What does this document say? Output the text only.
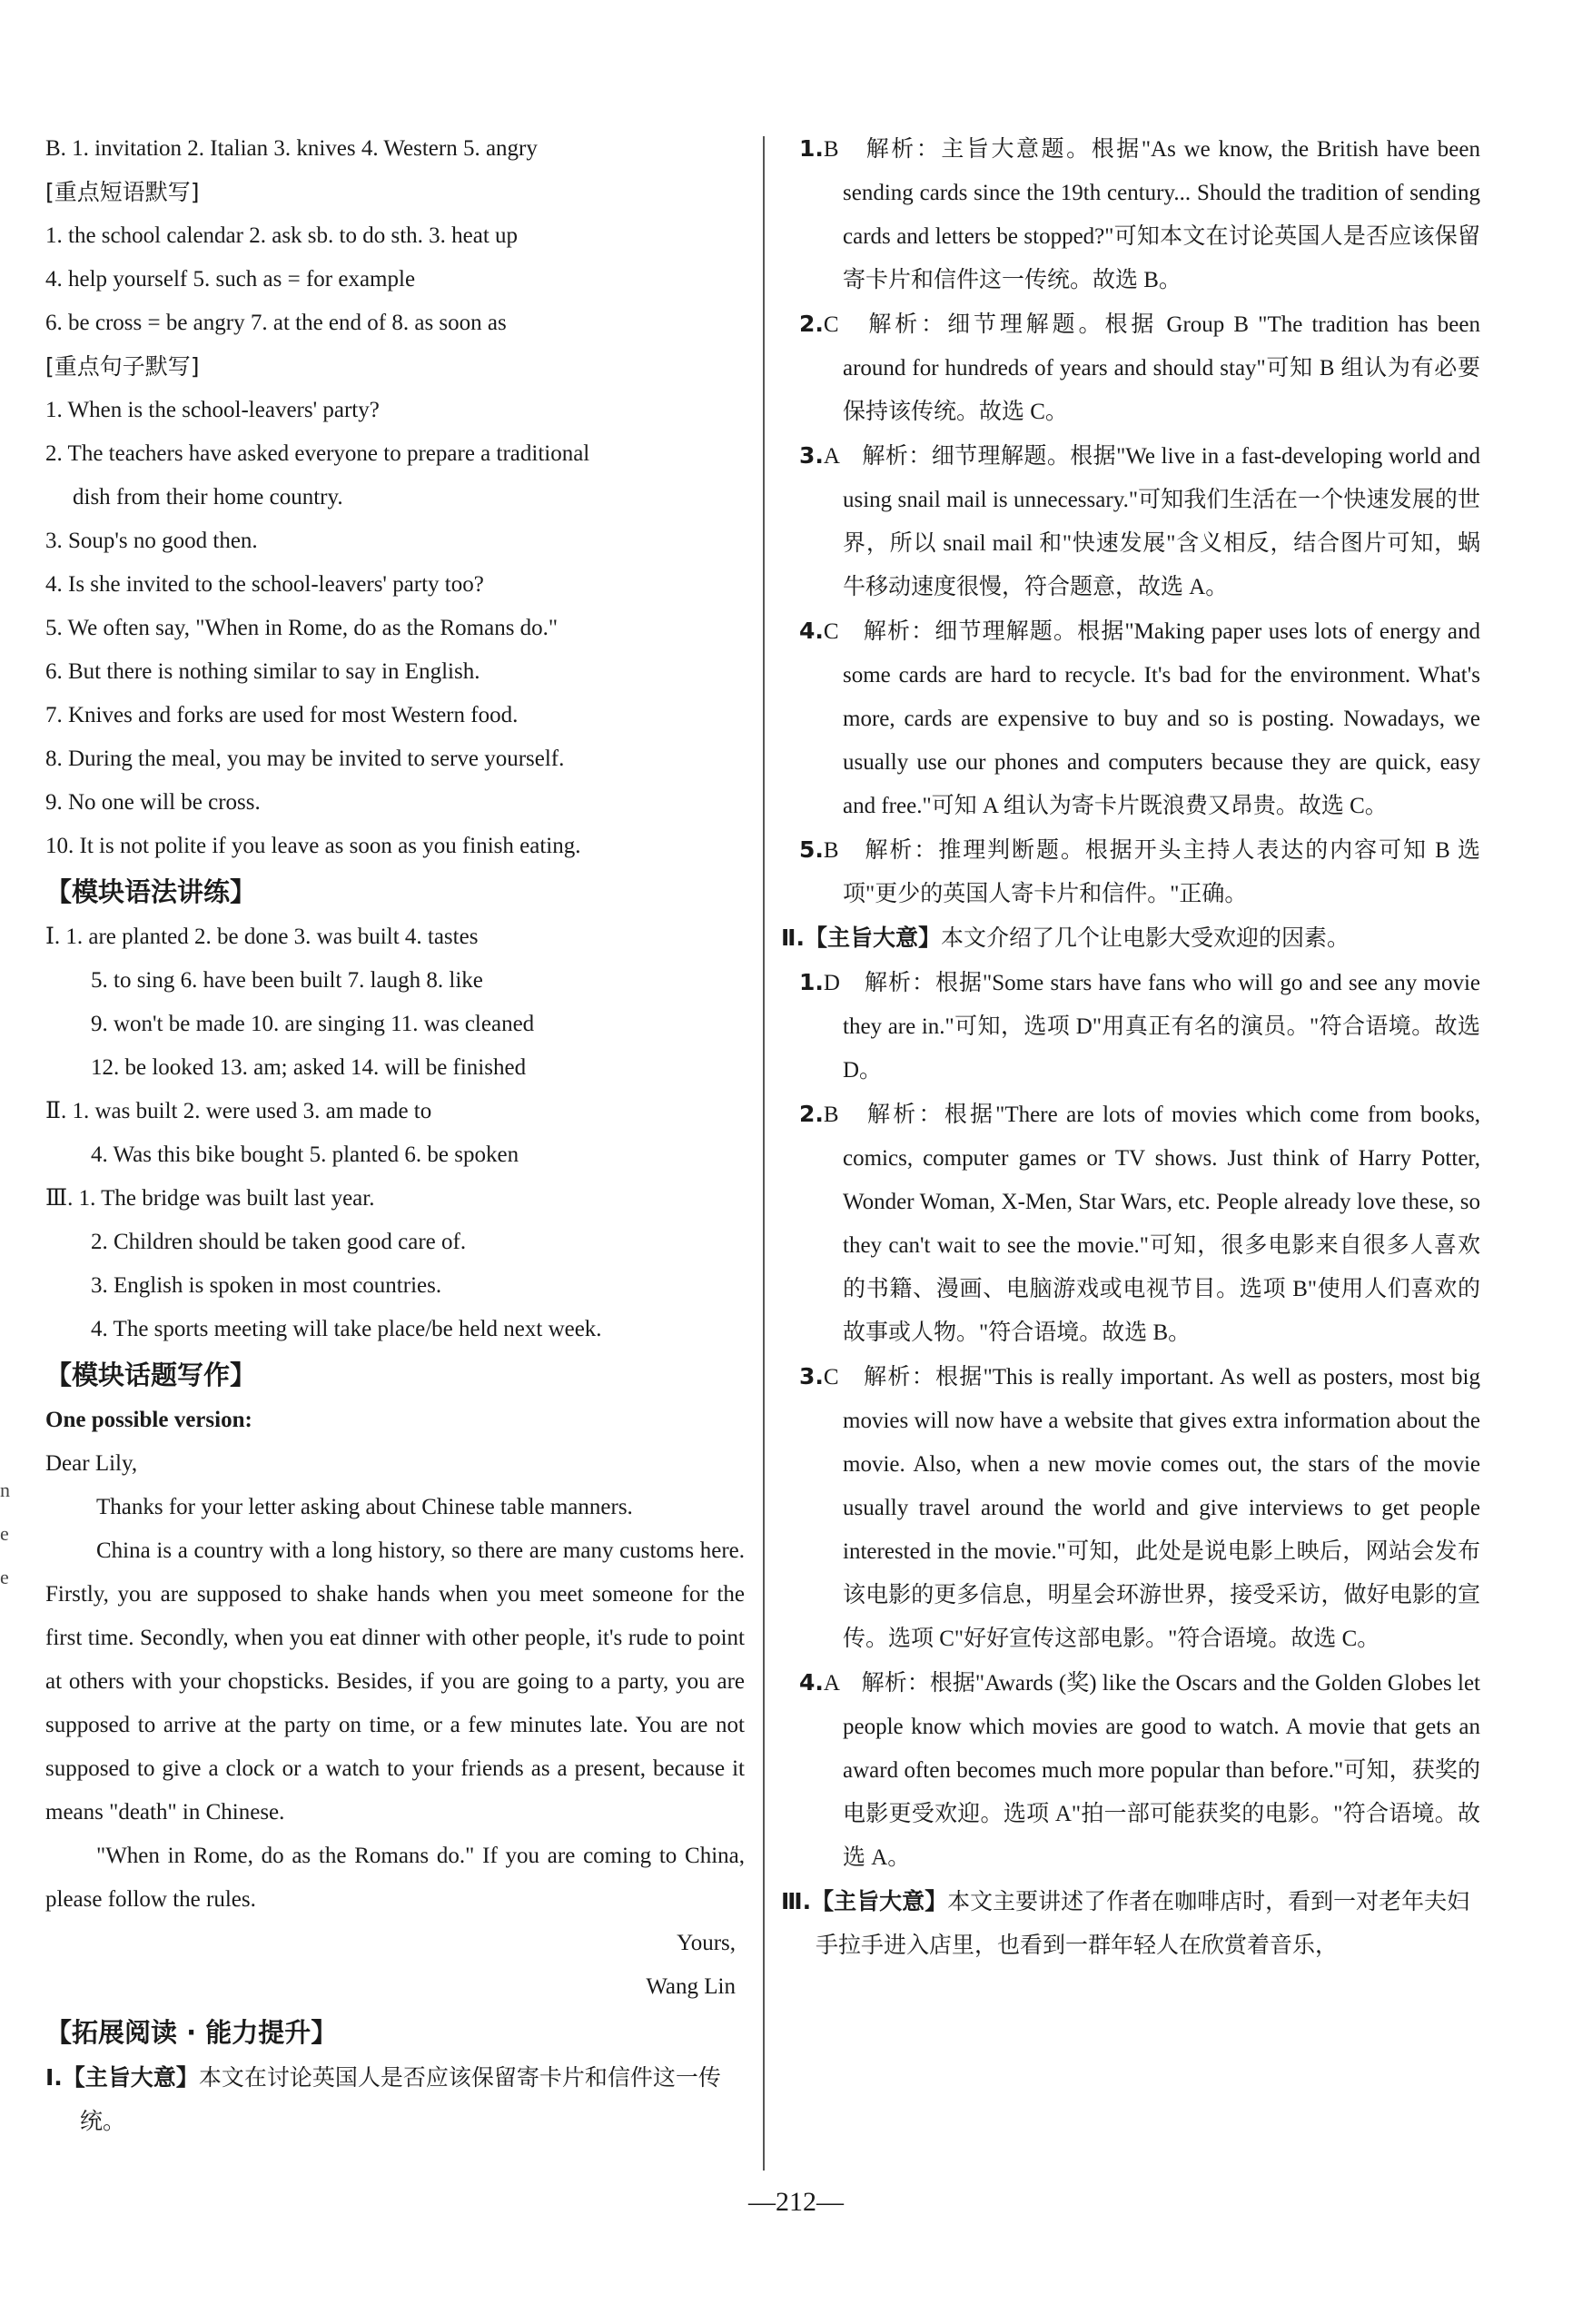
n
e
e
B. 1. invitation 2. Italian 3. knives 4. Western 5. angry
[重点短语默写]
1. the school calendar 2. ask sb. to do sth. 3. heat up
4. help yourself 5. such as = for example
6. be cross = be angry 7. at the end of 8. as soon as
[重点句子默写]
1. When is the school-leavers' party?
2. The teachers have asked everyone to prepare a traditional
dish from their home country.
3. Soup's no good then.
4. Is she invited to the school-leavers' party too?
5. We often say, "When in Rome, do as the Romans do."
6. But there is nothing similar to say in English.
7. Knives and forks are used for most Western food.
8. During the meal, you may be invited to serve yourself.
9. No one will be cross.
10. It is not polite if you leave as soon as you finish eating.
【模块语法讲练】
Ⅰ. 1. are planted 2. be done 3. was built 4. tastes
5. to sing 6. have been built 7. laugh 8. like
9. won't be made 10. are singing 11. was cleaned
12. be looked 13. am; asked 14. will be finished
Ⅱ. 1. was built 2. were used 3. am made to
4. Was this bike bought 5. planted 6. be spoken
Ⅲ. 1. The bridge was built last year.
2. Children should be taken good care of.
3. English is spoken in most countries.
4. The sports meeting will take place/be held next week.
【模块话题写作】
One possible version:
Dear Lily,
Thanks for your letter asking about Chinese table manners.
China is a country with a long history, so there are many customs here. Firstly, you are supposed to shake hands when you meet someone for the first time. Secondly, when you eat dinner with other people, it's rude to point at others with your chopsticks. Besides, if you are going to a party, you are supposed to arrive at the party on time, or a few minutes late. You are not supposed to give a clock or a watch to your friends as a present, because it means "death" in Chinese.
"When in Rome, do as the Romans do." If you are coming to China, please follow the rules.
Yours,
Wang Lin
【拓展阅读 · 能力提升】
Ⅰ.【主旨大意】本文在讨论英国人是否应该保留寄卡片和信件这一传统。
1.B　解析：主旨大意题。根据"As we know, the British have been sending cards since the 19th century... Should the tradition of sending cards and letters be stopped?"可知本文在讨论英国人是否应该保留寄卡片和信件这一传统。故选 B。
2.C　解析：细节理解题。根据 Group B "The tradition has been around for hundreds of years and should stay"可知 B 组认为有必要保持该传统。故选 C。
3.A　解析：细节理解题。根据"We live in a fast-developing world and using snail mail is unnecessary."可知我们生活在一个快速发展的世界，所以 snail mail 和"快速发展"含义相反，结合图片可知，蜗牛移动速度很慢，符合题意，故选 A。
4.C　解析：细节理解题。根据"Making paper uses lots of energy and some cards are hard to recycle. It's bad for the environment. What's more, cards are expensive to buy and so is posting. Nowadays, we usually use our phones and computers because they are quick, easy and free."可知 A 组认为寄卡片既浪费又昂贵。故选 C。
5.B　解析：推理判断题。根据开头主持人表达的内容可知 B 选项"更少的英国人寄卡片和信件。"正确。
Ⅱ.【主旨大意】本文介绍了几个让电影大受欢迎的因素。
1.D　解析：根据"Some stars have fans who will go and see any movie they are in."可知，选项 D"用真正有名的演员。"符合语境。故选 D。
2.B　解析：根据"There are lots of movies which come from books, comics, computer games or TV shows. Just think of Harry Potter, Wonder Woman, X-Men, Star Wars, etc. People already love these, so they can't wait to see the movie."可知，很多电影来自很多人喜欢的书籍、漫画、电脑游戏或电视节目。选项 B"使用人们喜欢的故事或人物。"符合语境。故选 B。
3.C　解析：根据"This is really important. As well as posters, most big movies will now have a website that gives extra information about the movie. Also, when a new movie comes out, the stars of the movie usually travel around the world and give interviews to get people interested in the movie."可知，此处是说电影上映后，网站会发布该电影的更多信息，明星会环游世界，接受采访，做好电影的宣传。选项 C"好好宣传这部电影。"符合语境。故选 C。
4.A　解析：根据"Awards (奖) like the Oscars and the Golden Globes let people know which movies are good to watch. A movie that gets an award often becomes much more popular than before."可知，获奖的电影更受欢迎。选项 A"拍一部可能获奖的电影。"符合语境。故选 A。
Ⅲ.【主旨大意】本文主要讲述了作者在咖啡店时，看到一对老年夫妇手拉手进入店里，也看到一群年轻人在欣赏着音乐，
—212—
